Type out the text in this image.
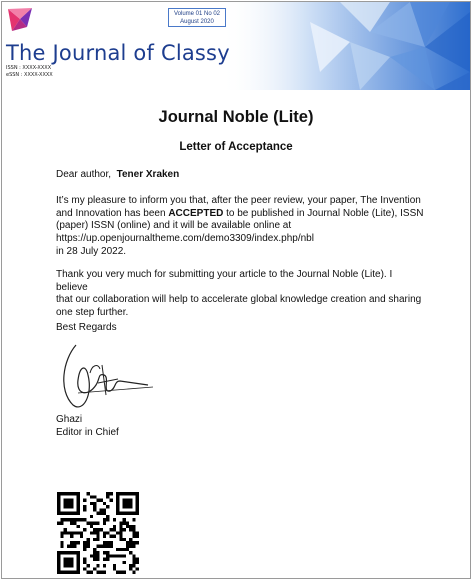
Volume 01 No 02
August 2020
The Journal of Classy
ISSN : XXXX-XXXX
eSSN : XXXX-XXXX
Journal Noble (Lite)
Letter of Acceptance
Dear author, Tener Xraken
It’s my pleasure to inform you that, after the peer review, your paper, The Invention
and Innovation has been ACCEPTED to be published in Journal Noble (Lite), ISSN
(paper) ISSN (online) and it will be available online at
https://up.openjournaltheme.com/demo3309/index.php/nbl
in 28 July 2022.
Thank you very much for submitting your article to the Journal Noble (Lite). I believe
that our collaboration will help to accelerate global knowledge creation and sharing
one step further.
Best Regards
Ghazi
Editor in Chief
